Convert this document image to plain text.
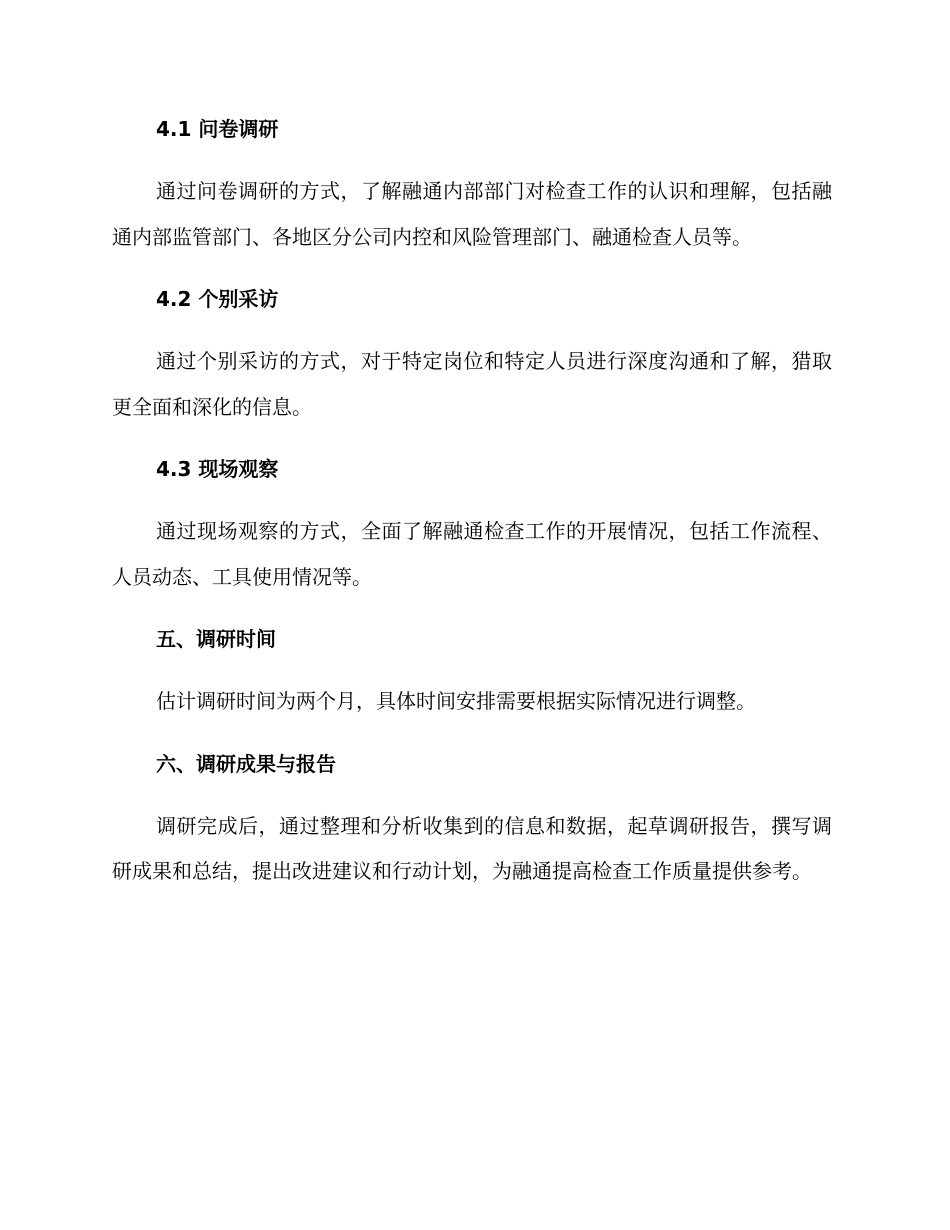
4.1 问卷调研

通过问卷调研的方式，了解融通内部部门对检查工作的认识和理解，包括融通内部监管部门、各地区分公司内控和风险管理部门、融通检查人员等。

4.2 个别采访

通过个别采访的方式，对于特定岗位和特定人员进行深度沟通和了解，猎取更全面和深化的信息。

4.3 现场观察

通过现场观察的方式，全面了解融通检查工作的开展情况，包括工作流程、人员动态、工具使用情况等。

五、调研时间

估计调研时间为两个月，具体时间安排需要根据实际情况进行调整。

六、调研成果与报告

调研完成后，通过整理和分析收集到的信息和数据，起草调研报告，撰写调研成果和总结，提出改进建议和行动计划，为融通提高检查工作质量提供参考。
